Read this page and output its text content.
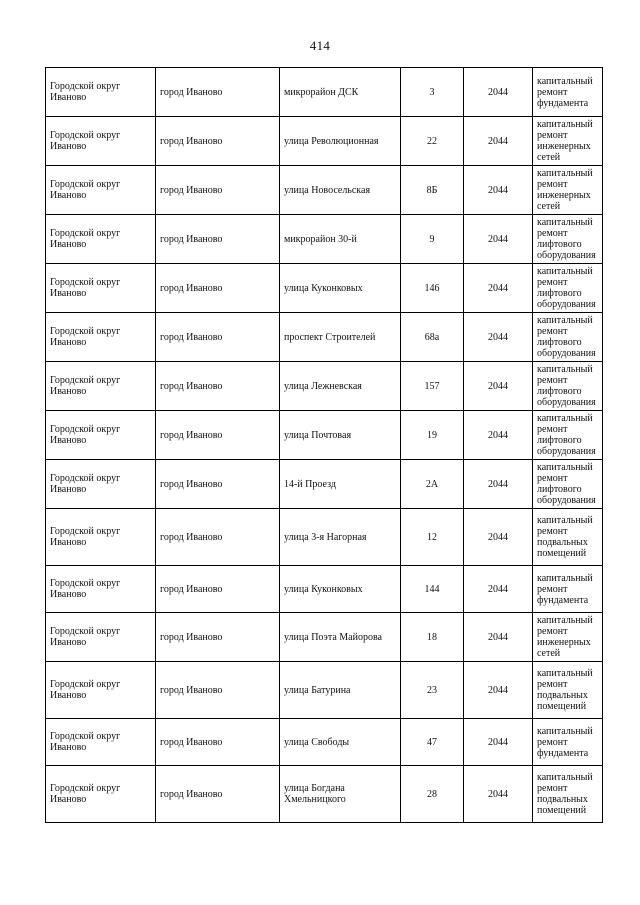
414
Городской округ Иваново	город Иваново	микрорайон ДСК	3	2044	капитальный ремонт фундамента
Городской округ Иваново	город Иваново	улица Революционная	22	2044	капитальный ремонт инженерных сетей
Городской округ Иваново	город Иваново	улица Новосельская	8Б	2044	капитальный ремонт инженерных сетей
Городской округ Иваново	город Иваново	микрорайон 30-й	9	2044	капитальный ремонт лифтового оборудования
Городской округ Иваново	город Иваново	улица Куконковых	146	2044	капитальный ремонт лифтового оборудования
Городской округ Иваново	город Иваново	проспект Строителей	68а	2044	капитальный ремонт лифтового оборудования
Городской округ Иваново	город Иваново	улица Лежневская	157	2044	капитальный ремонт лифтового оборудования
Городской округ Иваново	город Иваново	улица Почтовая	19	2044	капитальный ремонт лифтового оборудования
Городской округ Иваново	город Иваново	14-й Проезд	2А	2044	капитальный ремонт лифтового оборудования
Городской округ Иваново	город Иваново	улица 3-я Нагорная	12	2044	капитальный ремонт подвальных помещений
Городской округ Иваново	город Иваново	улица Куконковых	144	2044	капитальный ремонт фундамента
Городской округ Иваново	город Иваново	улица Поэта Майорова	18	2044	капитальный ремонт инженерных сетей
Городской округ Иваново	город Иваново	улица Батурина	23	2044	капитальный ремонт подвальных помещений
Городской округ Иваново	город Иваново	улица Свободы	47	2044	капитальный ремонт фундамента
Городской округ Иваново	город Иваново	улица Богдана Хмельницкого	28	2044	капитальный ремонт подвальных помещений
